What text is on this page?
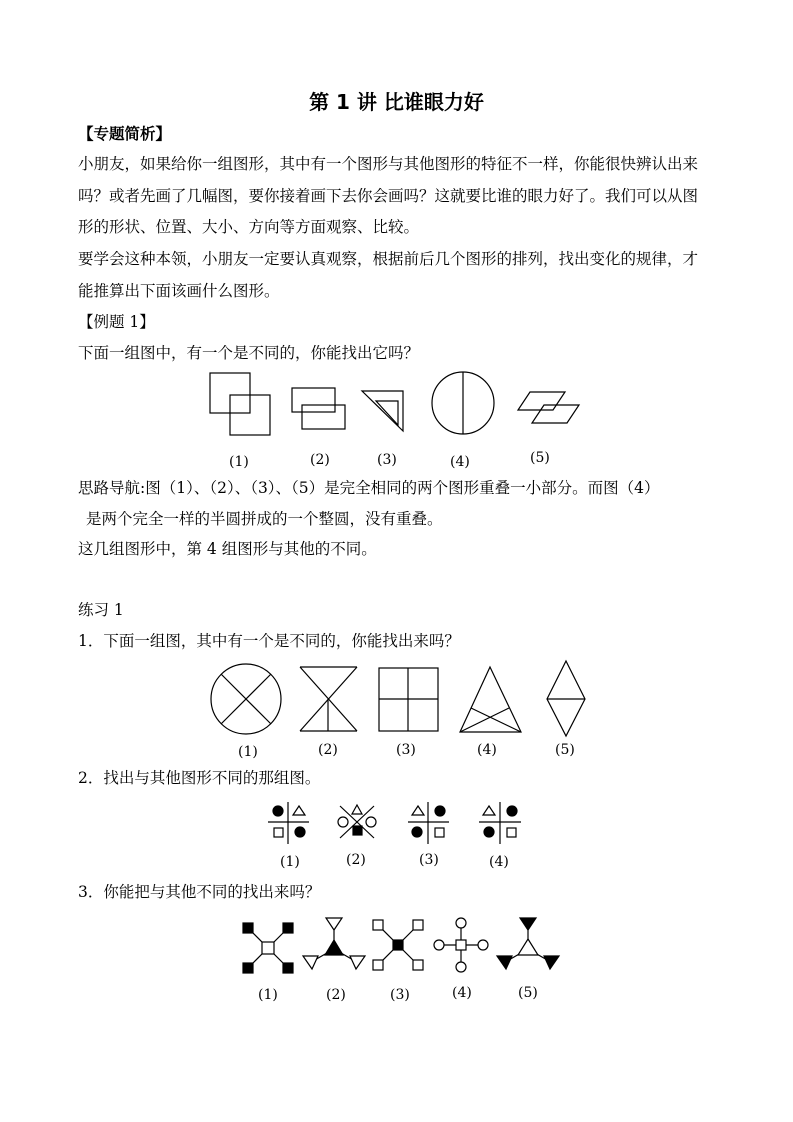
第 1 讲 比谁眼力好
【专题简析】
小朋友，如果给你一组图形，其中有一个图形与其他图形的特征不一样，你能很快辨认出来
吗？或者先画了几幅图，要你接着画下去你会画吗？这就要比谁的眼力好了。我们可以从图
形的形状、位置、大小、方向等方面观察、比较。
要学会这种本领，小朋友一定要认真观察，根据前后几个图形的排列，找出变化的规律，才
能推算出下面该画什么图形。
【例题 1】
下面一组图中，有一个是不同的，你能找出它吗？
(1)	(2)	(3)	(4)	(5)
(1)	(2)	(3)	(4)	(5)
(1)	(2)	(3)	(4)
(1)	(2)	(3)	(4)	(5)
思路导航:图（1）、（2）、（3）、（5）是完全相同的两个图形重叠一小部分。而图（4）
是两个完全一样的半圆拼成的一个整圆，没有重叠。
这几组图形中，第 4 组图形与其他的不同。
练习 1
1．下面一组图，其中有一个是不同的，你能找出来吗？
2．找出与其他图形不同的那组图。
3．你能把与其他不同的找出来吗？
